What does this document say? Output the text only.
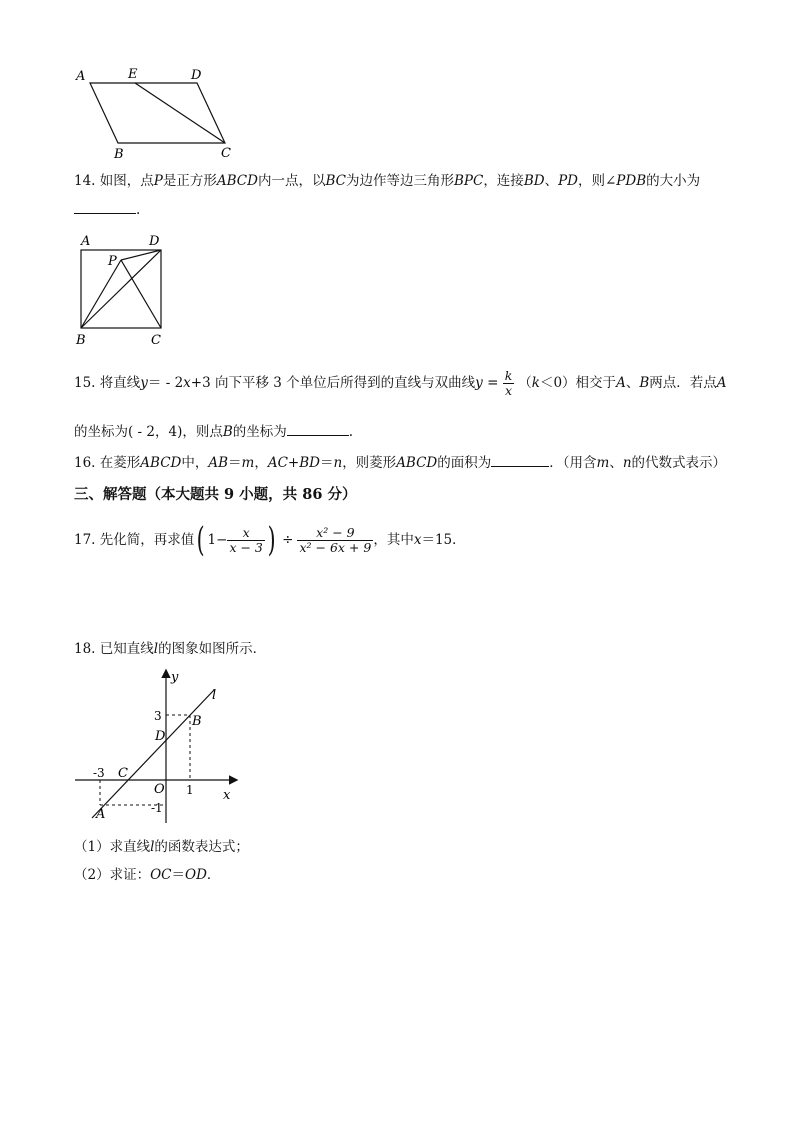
A	E	D
B	C
14. 如图，点P是正方形ABCD内一点，以BC为边作等边三角形BPC，连接BD、PD，则∠PDB的大小为
.
A	D
P
B	C
15.
将直线 y ＝ - 2 x +3 向下平移 3 个单位后所得到的直线与双曲线 $y = \frac{k}{x}$ （ k ＜0）相交于 A 、 B 两点．若点 A
的坐标为( - 2，4)，则点B的坐标为	.
16. 在菱形ABCD中，AB＝m，AC+BD＝n，则菱形ABCD的面积为	．（用含m、n的代数式表示）
三、解答题（本大题共 9 小题，共 86 分）
17.
先化简，再求值 ( $1- \frac{x}{x - 3}$ ) ÷ $\frac{\text{x² − 9}}{\text{x² − 6x + 9}}$ ，其中 x ＝15．
18. 已知直线l的图象如图所示．
y
x
l
B
D
C
O
A
3
-3
1
-1
（1）求直线l的函数表达式；
（2）求证：OC＝OD．
